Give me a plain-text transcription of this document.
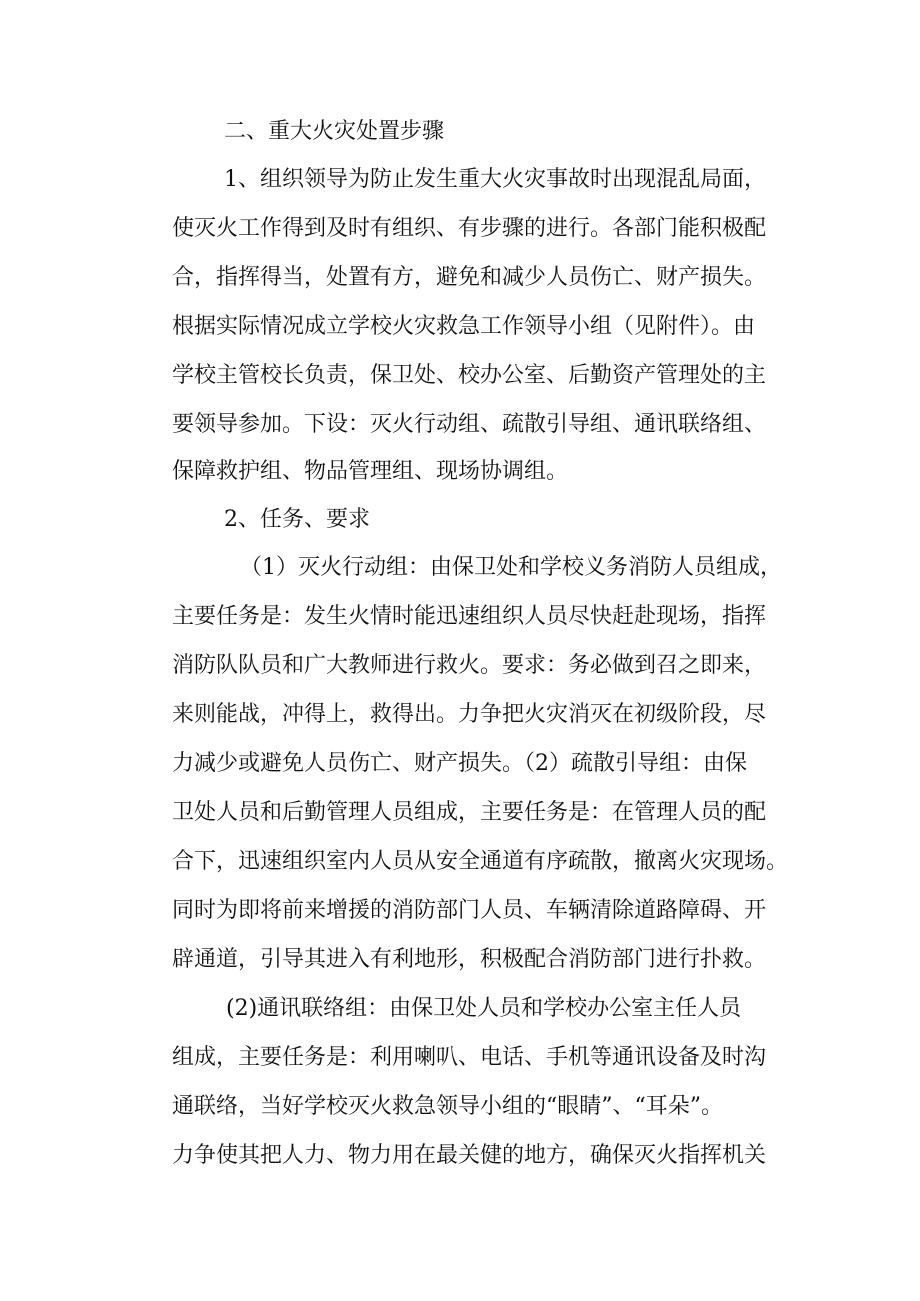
二、重大火灾处置步骤
1、组织领导为防止发生重大火灾事故时出现混乱局面，
使灭火工作得到及时有组织、有步骤的进行。各部门能积极配
合，指挥得当，处置有方，避免和减少人员伤亡、财产损失。
根据实际情况成立学校火灾救急工作领导小组（见附件）。由
学校主管校长负责，保卫处、校办公室、后勤资产管理处的主
要领导参加。下设：灭火行动组、疏散引导组、通讯联络组、
保障救护组、物品管理组、现场协调组。
2、任务、要求
（1）灭火行动组：由保卫处和学校义务消防人员组成，
主要任务是：发生火情时能迅速组织人员尽快赶赴现场，指挥
消防队队员和广大教师进行救火。要求：务必做到召之即来，
来则能战，冲得上，救得出。力争把火灾消灭在初级阶段，尽
力减少或避免人员伤亡、财产损失。（2）疏散引导组：由保
卫处人员和后勤管理人员组成，主要任务是：在管理人员的配
合下，迅速组织室内人员从安全通道有序疏散，撤离火灾现场。
同时为即将前来增援的消防部门人员、车辆清除道路障碍、开
辟通道，引导其进入有利地形，积极配合消防部门进行扑救。
(2)通讯联络组：由保卫处人员和学校办公室主任人员
组成，主要任务是：利用喇叭、电话、手机等通讯设备及时沟
通联络，当好学校灭火救急领导小组的“眼睛”、“耳朵”。
力争使其把人力、物力用在最关健的地方，确保灭火指挥机关
